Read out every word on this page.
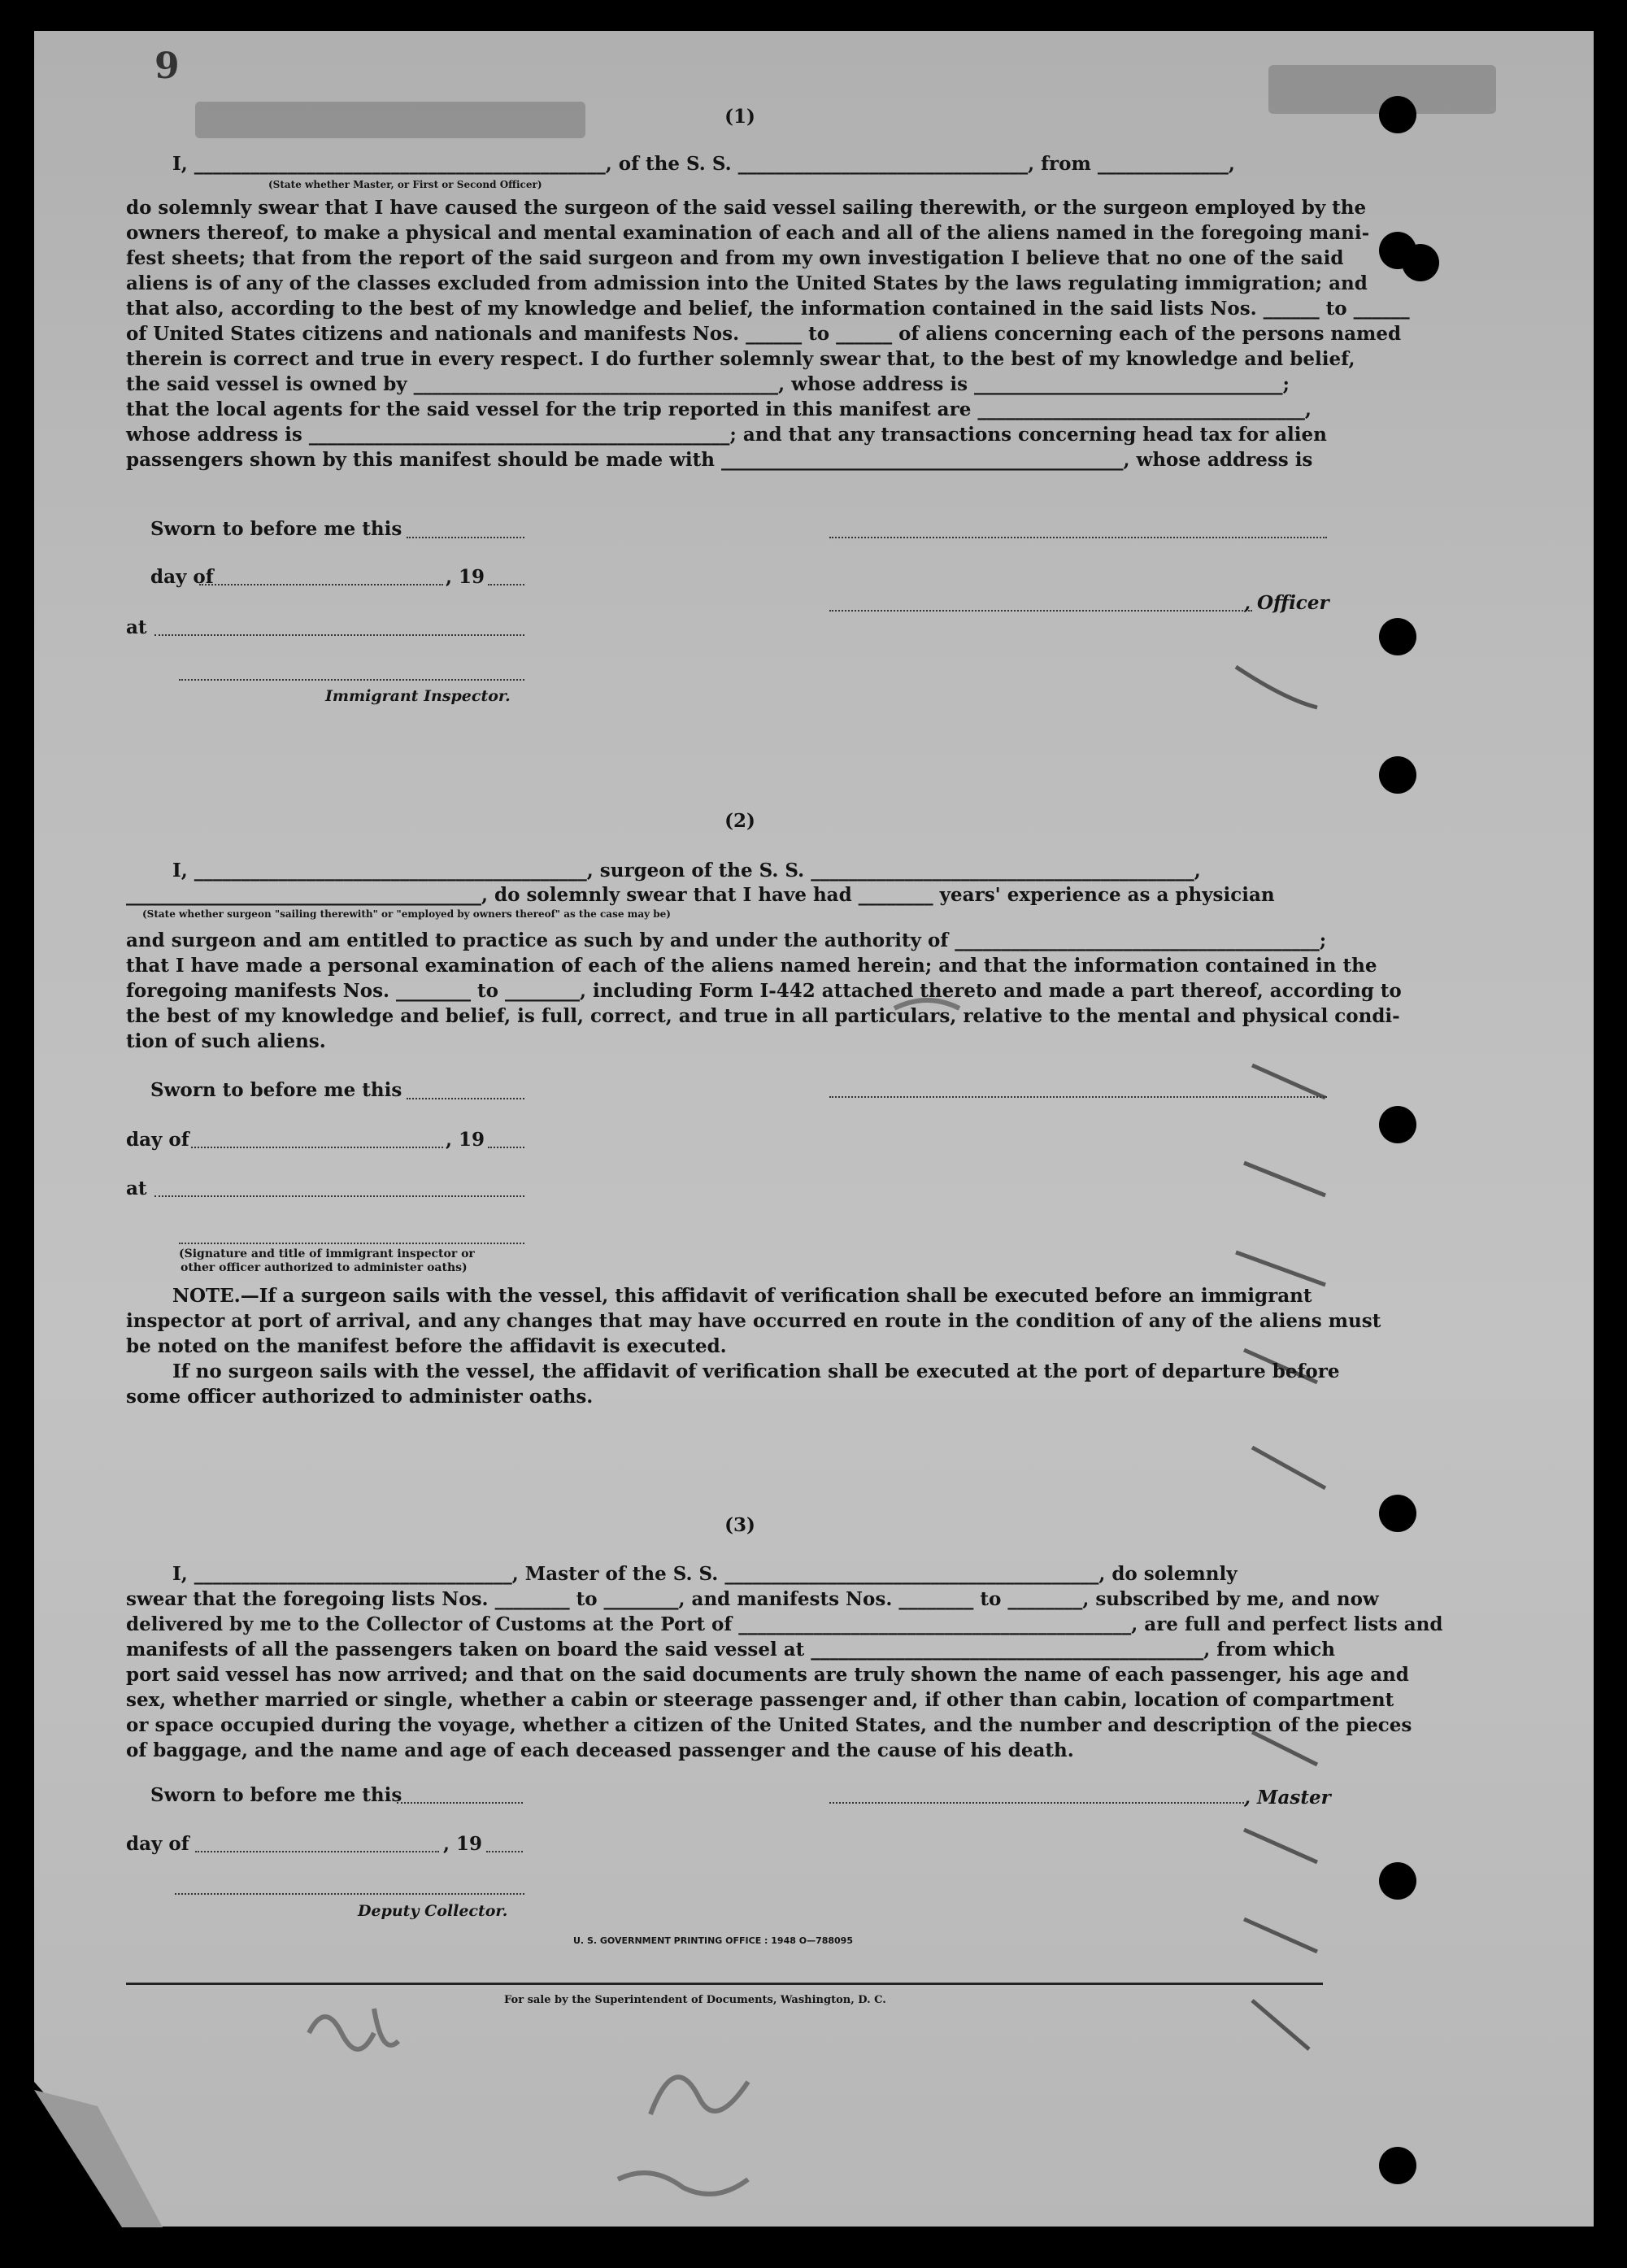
9
(1)
I, ____________________________________________, of the S. S. _______________________________, from ______________,
(State whether Master, or First or Second Officer)
do solemnly swear that I have caused the surgeon of the said vessel sailing therewith, or the surgeon employed by the
owners thereof, to make a physical and mental examination of each and all of the aliens named in the foregoing mani-
fest sheets; that from the report of the said surgeon and from my own investigation I believe that no one of the said
aliens is of any of the classes excluded from admission into the United States by the laws regulating immigration; and
that also, according to the best of my knowledge and belief, the information contained in the said lists Nos. ______ to ______
of United States citizens and nationals and manifests Nos. ______ to ______ of aliens concerning each of the persons named
therein is correct and true in every respect. I do further solemnly swear that, to the best of my knowledge and belief,
the said vessel is owned by _______________________________________, whose address is _________________________________;
that the local agents for the said vessel for the trip reported in this manifest are ___________________________________,
whose address is _____________________________________________; and that any transactions concerning head tax for alien
passengers shown by this manifest should be made with ___________________________________________, whose address is
Sworn to before me this
day of	, 19
, Officer
at
Immigrant Inspector.
(2)
I, __________________________________________, surgeon of the S. S. _________________________________________,
______________________________________, do solemnly swear that I have had ________ years' experience as a physician
(State whether surgeon "sailing therewith" or "employed by owners thereof" as the case may be)
and surgeon and am entitled to practice as such by and under the authority of _______________________________________;
that I have made a personal examination of each of the aliens named herein; and that the information contained in the
foregoing manifests Nos. ________ to ________, including Form I-442 attached thereto and made a part thereof, according to
the best of my knowledge and belief, is full, correct, and true in all particulars, relative to the mental and physical condi-
tion of such aliens.
Sworn to before me this
day of	, 19
at
(Signature and title of immigrant inspector or
other officer authorized to administer oaths)
NOTE.—If a surgeon sails with the vessel, this affidavit of verification shall be executed before an immigrant
inspector at port of arrival, and any changes that may have occurred en route in the condition of any of the aliens must
be noted on the manifest before the affidavit is executed.
If no surgeon sails with the vessel, the affidavit of verification shall be executed at the port of departure before
some officer authorized to administer oaths.
(3)
I, __________________________________, Master of the S. S. ________________________________________, do solemnly
swear that the foregoing lists Nos. ________ to ________, and manifests Nos. ________ to ________, subscribed by me, and now
delivered by me to the Collector of Customs at the Port of __________________________________________, are full and perfect lists and
manifests of all the passengers taken on board the said vessel at __________________________________________, from which
port said vessel has now arrived; and that on the said documents are truly shown the name of each passenger, his age and
sex, whether married or single, whether a cabin or steerage passenger and, if other than cabin, location of compartment
or space occupied during the voyage, whether a citizen of the United States, and the number and description of the pieces
of baggage, and the name and age of each deceased passenger and the cause of his death.
Sworn to before me this	, Master
day of	, 19
Deputy Collector.
U. S. GOVERNMENT PRINTING OFFICE : 1948 O—788095
For sale by the Superintendent of Documents, Washington, D. C.
